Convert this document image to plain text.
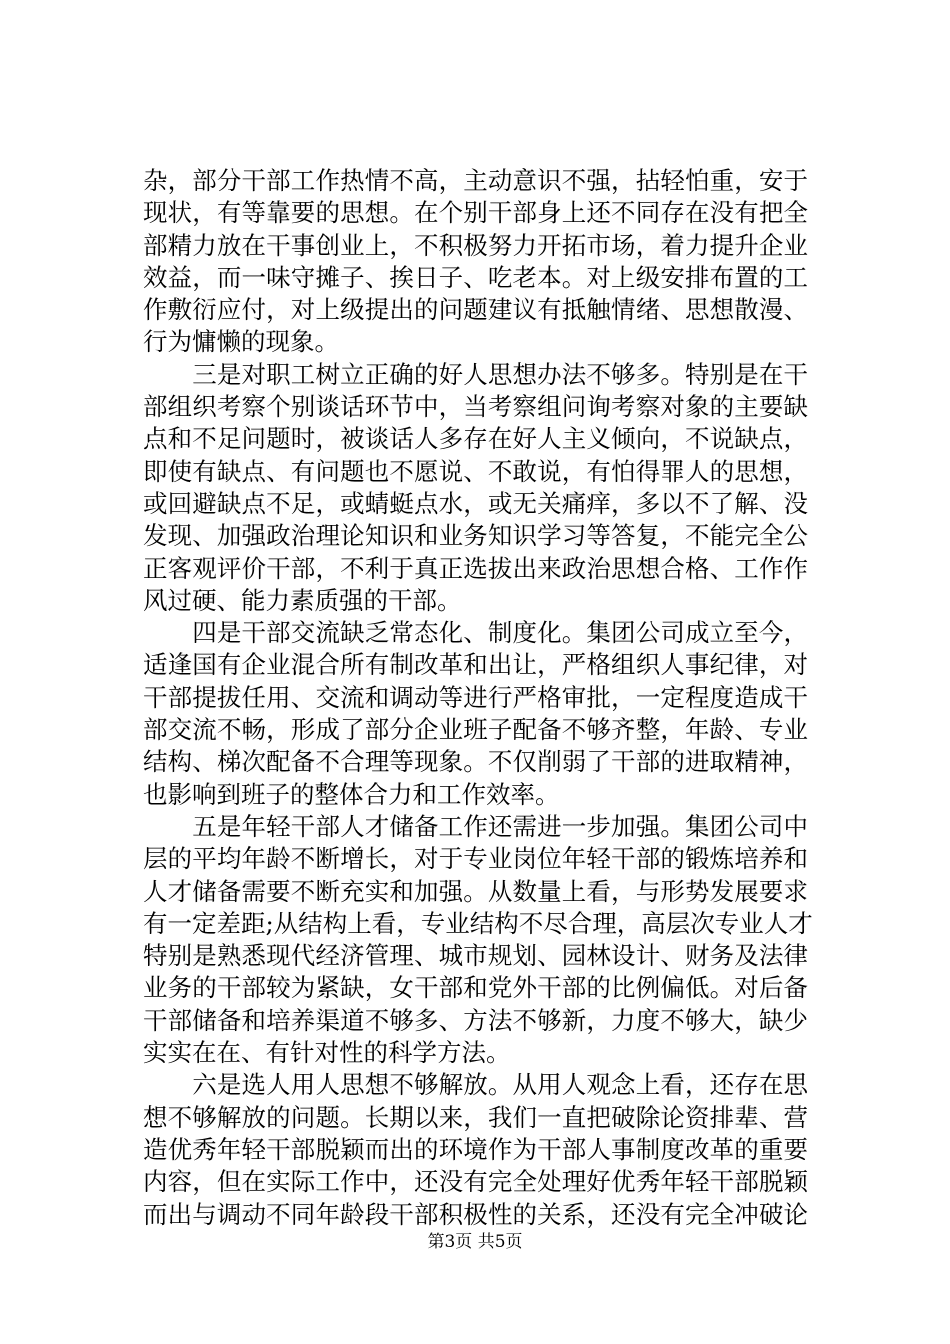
杂，部分干部工作热情不高，主动意识不强，拈轻怕重，安于
现状，有等靠要的思想。在个别干部身上还不同存在没有把全
部精力放在干事创业上，不积极努力开拓市场，着力提升企业
效益，而一味守摊子、挨日子、吃老本。对上级安排布置的工
作敷衍应付，对上级提出的问题建议有抵触情绪、思想散漫、
行为慵懒的现象。
　　三是对职工树立正确的好人思想办法不够多。特别是在干
部组织考察个别谈话环节中，当考察组问询考察对象的主要缺
点和不足问题时，被谈话人多存在好人主义倾向，不说缺点，
即使有缺点、有问题也不愿说、不敢说，有怕得罪人的思想，
或回避缺点不足，或蜻蜓点水，或无关痛痒，多以不了解、没
发现、加强政治理论知识和业务知识学习等答复，不能完全公
正客观评价干部，不利于真正选拔出来政治思想合格、工作作
风过硬、能力素质强的干部。
　　四是干部交流缺乏常态化、制度化。集团公司成立至今，
适逢国有企业混合所有制改革和出让，严格组织人事纪律，对
干部提拔任用、交流和调动等进行严格审批，一定程度造成干
部交流不畅，形成了部分企业班子配备不够齐整，年龄、专业
结构、梯次配备不合理等现象。不仅削弱了干部的进取精神，
也影响到班子的整体合力和工作效率。
　　五是年轻干部人才储备工作还需进一步加强。集团公司中
层的平均年龄不断增长，对于专业岗位年轻干部的锻炼培养和
人才储备需要不断充实和加强。从数量上看，与形势发展要求
有一定差距;从结构上看，专业结构不尽合理，高层次专业人才
特别是熟悉现代经济管理、城市规划、园林设计、财务及法律
业务的干部较为紧缺，女干部和党外干部的比例偏低。对后备
干部储备和培养渠道不够多、方法不够新，力度不够大，缺少
实实在在、有针对性的科学方法。
　　六是选人用人思想不够解放。从用人观念上看，还存在思
想不够解放的问题。长期以来，我们一直把破除论资排辈、营
造优秀年轻干部脱颖而出的环境作为干部人事制度改革的重要
内容，但在实际工作中，还没有完全处理好优秀年轻干部脱颖
而出与调动不同年龄段干部积极性的关系，还没有完全冲破论
第3页 共5页
